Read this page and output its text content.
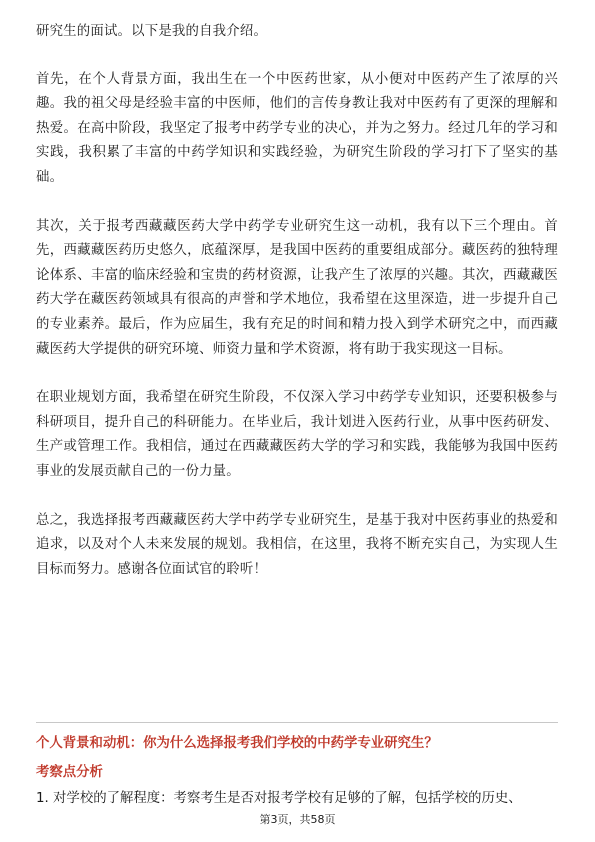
研究生的面试。以下是我的自我介绍。

首先，在个人背景方面，我出生在一个中医药世家，从小便对中医药产生了浓厚的兴趣。我的祖父母是经验丰富的中医师，他们的言传身教让我对中医药有了更深的理解和热爱。在高中阶段，我坚定了报考中药学专业的决心，并为之努力。经过几年的学习和实践，我积累了丰富的中药学知识和实践经验，为研究生阶段的学习打下了坚实的基础。

其次，关于报考西藏藏医药大学中药学专业研究生这一动机，我有以下三个理由。首先，西藏藏医药历史悠久，底蕴深厚，是我国中医药的重要组成部分。藏医药的独特理论体系、丰富的临床经验和宝贵的药材资源，让我产生了浓厚的兴趣。其次，西藏藏医药大学在藏医药领域具有很高的声誉和学术地位，我希望在这里深造，进一步提升自己的专业素养。最后，作为应届生，我有充足的时间和精力投入到学术研究之中，而西藏藏医药大学提供的研究环境、师资力量和学术资源，将有助于我实现这一目标。

在职业规划方面，我希望在研究生阶段，不仅深入学习中药学专业知识，还要积极参与科研项目，提升自己的科研能力。在毕业后，我计划进入医药行业，从事中医药研发、生产或管理工作。我相信，通过在西藏藏医药大学的学习和实践，我能够为我国中医药事业的发展贡献自己的一份力量。

总之，我选择报考西藏藏医药大学中药学专业研究生，是基于我对中医药事业的热爱和追求，以及对个人未来发展的规划。我相信，在这里，我将不断充实自己，为实现人生目标而努力。感谢各位面试官的聆听！

个人背景和动机：你为什么选择报考我们学校的中药学专业研究生？
考察点分析
1. 对学校的了解程度：考察考生是否对报考学校有足够的了解，包括学校的历史、
第3页，共58页
